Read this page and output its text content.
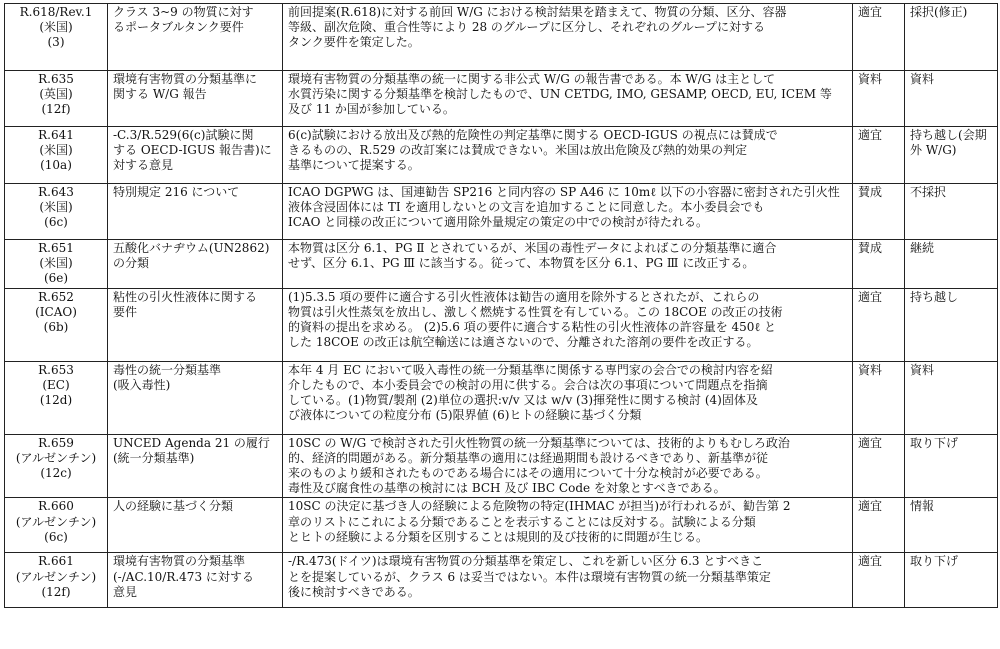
R.618/Rev.1
(米国)
(3)	クラス 3~9 の物質に対す
るポータブルタンク要件	前回提案(R.618)に対する前回 W/G における検討結果を踏まえて、物質の分類、区分、容器
等級、副次危険、重合性等により 28 のグループに区分し、それぞれのグループに対する
タンク要件を策定した。	適宜	採択(修正)

R.635
(英国)
(12f)	環境有害物質の分類基準に
関する W/G 報告	環境有害物質の分類基準の統一に関する非公式 W/G の報告書である。本 W/G は主として
水質汚染に関する分類基準を検討したもので、UN CETDG, IMO, GESAMP, OECD, EU, ICEM 等
及び 11 か国が参加している。	資料	資料

R.641
(米国)
(10a)	-C.3/R.529(6(c)試験に関
する OECD-IGUS 報告書)に
対する意見	6(c)試験における放出及び熱的危険性の判定基準に関する OECD-IGUS の視点には賛成で
きるものの、R.529 の改訂案には賛成できない。米国は放出危険及び熱的効果の判定
基準について提案する。	適宜	持ち越し(会期外 W/G)

R.643
(米国)
(6c)	特別規定 216 について	ICAO DGPWG は、国連勧告 SP216 と同内容の SP A46 に 10mℓ 以下の小容器に密封された引火性
液体含浸固体には TI を適用しないとの文言を追加することに同意した。本小委員会でも
ICAO と同様の改正について適用除外量規定の策定の中での検討が待たれる。	賛成	不採択

R.651
(米国)
(6e)	五酸化バナヂウム(UN2862)
の分類	本物質は区分 6.1、PG Ⅱ とされているが、米国の毒性データによればこの分類基準に適合
せず、区分 6.1、PG Ⅲ に該当する。従って、本物質を区分 6.1、PG Ⅲ に改正する。	賛成	継続

R.652
(ICAO)
(6b)	粘性の引火性液体に関する
要件	(1)5.3.5 項の要件に適合する引火性液体は勧告の適用を除外するとされたが、これらの
物質は引火性蒸気を放出し、激しく燃焼する性質を有している。この 18COE の改正の技術
的資料の提出を求める。 (2)5.6 項の要件に適合する粘性の引火性液体の許容量を 450ℓ と
した 18COE の改正は航空輸送には適さないので、分離された溶剤の要件を改正する。	適宜	持ち越し

R.653
(EC)
(12d)	毒性の統一分類基準
(吸入毒性)	本年 4 月 EC において吸入毒性の統一分類基準に関係する専門家の会合での検討内容を紹
介したもので、本小委員会での検討の用に供する。会合は次の事項について問題点を指摘
している。(1)物質/製剤 (2)単位の選択:v/v 又は w/v (3)揮発性に関する検討 (4)固体及
び液体についての粒度分布 (5)限界値 (6)ヒトの経験に基づく分類	資料	資料

R.659
(アルゼンチン)
(12c)	UNCED Agenda 21 の履行
(統一分類基準)	10SC の W/G で検討された引火性物質の統一分類基準については、技術的よりもむしろ政治
的、経済的問題がある。新分類基準の適用には経過期間も設けるべきであり、新基準が従
来のものより緩和されたものである場合にはその適用について十分な検討が必要である。
毒性及び腐食性の基準の検討には BCH 及び IBC Code を対象とすべきである。	適宜	取り下げ

R.660
(アルゼンチン)
(6c)	人の経験に基づく分類	10SC の決定に基づき人の経験による危険物の特定(IHMAC が担当)が行われるが、勧告第 2
章のリストにこれによる分類であることを表示することには反対する。試験による分類
とヒトの経験による分類を区別することは規則的及び技術的に問題が生じる。	適宜	情報

R.661
(アルゼンチン)
(12f)	環境有害物質の分類基準
(-/AC.10/R.473 に対する
意見	-/R.473(ドイツ)は環境有害物質の分類基準を策定し、これを新しい区分 6.3 とすべきこ
とを提案しているが、クラス 6 は妥当ではない。本件は環境有害物質の統一分類基準策定
後に検討すべきである。	適宜	取り下げ
